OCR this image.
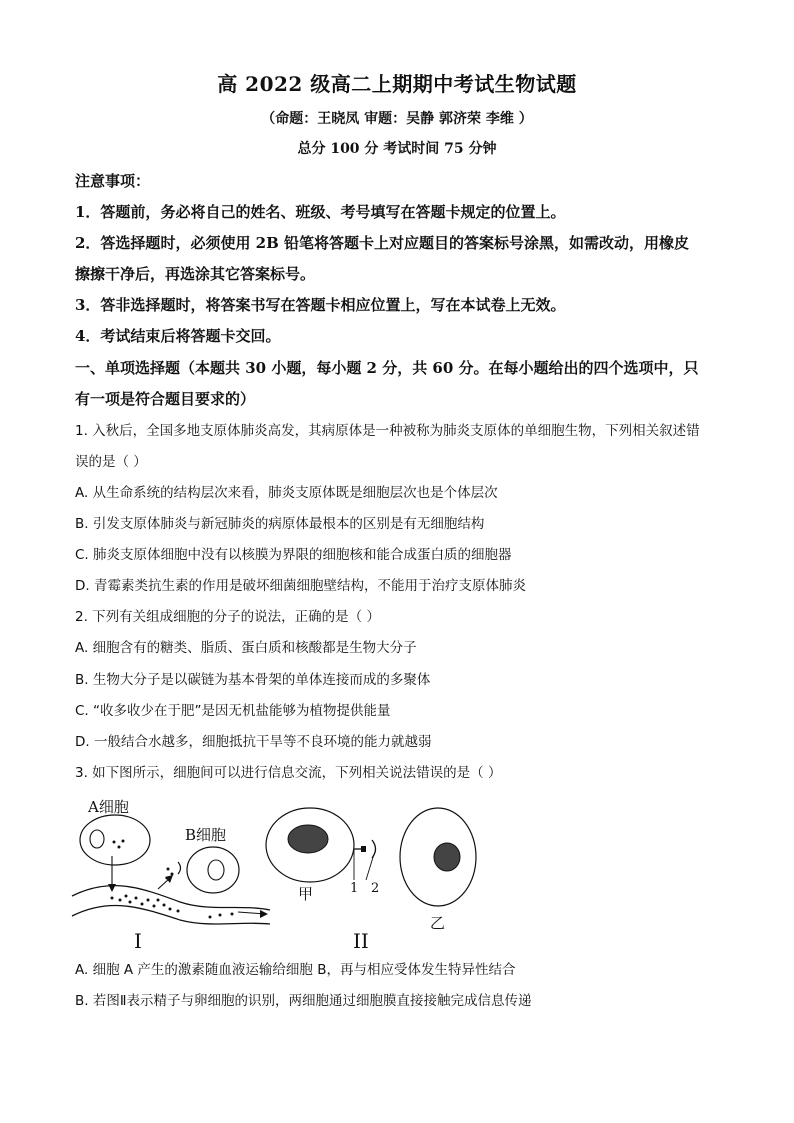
高 2022 级高二上期期中考试生物试题
（命题：王晓凤 审题：吴静 郭济荣 李维 ）
总分 100 分 考试时间 75 分钟
注意事项：
1．答题前，务必将自己的姓名、班级、考号填写在答题卡规定的位置上。
2．答选择题时，必须使用 2B 铅笔将答题卡上对应题目的答案标号涂黑，如需改动，用橡皮
擦擦干净后，再选涂其它答案标号。
3．答非选择题时，将答案书写在答题卡相应位置上，写在本试卷上无效。
4．考试结束后将答题卡交回。
一、单项选择题（本题共 30 小题，每小题 2 分，共 60 分。在每小题给出的四个选项中，只
有一项是符合题目要求的）
1. 入秋后，全国多地支原体肺炎高发，其病原体是一种被称为肺炎支原体的单细胞生物，下列相关叙述错
误的是（ ）
A. 从生命系统的结构层次来看，肺炎支原体既是细胞层次也是个体层次
B. 引发支原体肺炎与新冠肺炎的病原体最根本的区别是有无细胞结构
C. 肺炎支原体细胞中没有以核膜为界限的细胞核和能合成蛋白质的细胞器
D. 青霉素类抗生素的作用是破坏细菌细胞壁结构，不能用于治疗支原体肺炎
2. 下列有关组成细胞的分子的说法，正确的是（ ）
A. 细胞含有的糖类、脂质、蛋白质和核酸都是生物大分子
B. 生物大分子是以碳链为基本骨架的单体连接而成的多聚体
C. “收多收少在于肥”是因无机盐能够为植物提供能量
D. 一般结合水越多，细胞抵抗干旱等不良环境的能力就越弱
3. 如下图所示，细胞间可以进行信息交流，下列相关说法错误的是（ ）
A细胞
B细胞
I
1 2
甲
乙
II
A. 细胞 A 产生的激素随血液运输给细胞 B，再与相应受体发生特异性结合
B. 若图Ⅱ表示精子与卵细胞的识别，两细胞通过细胞膜直接接触完成信息传递
